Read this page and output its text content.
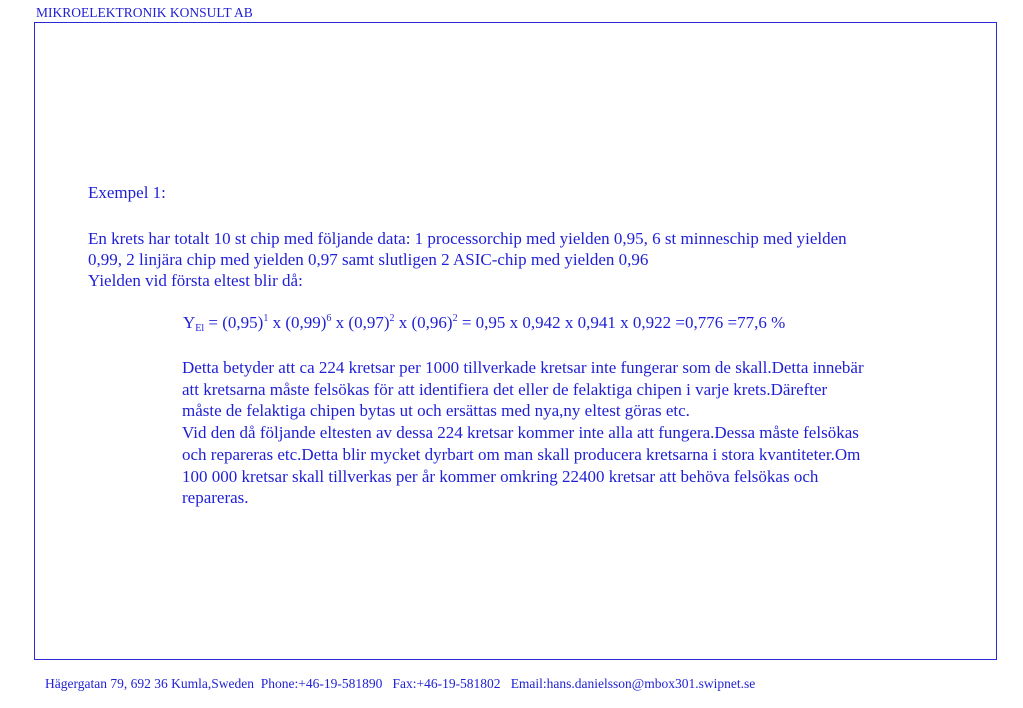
MIKROELEKTRONIK KONSULT AB
Exempel 1:
En krets har totalt 10 st chip med följande data: 1 processorchip med yielden 0,95, 6 st minneschip med yielden
0,99, 2 linjära chip med yielden 0,97 samt slutligen 2 ASIC-chip med yielden 0,96
Yielden vid första eltest blir då:
$Y_{El} = (0,95)^1$ x $(0,99)^6$ x $(0,97)^2$ x $(0,96)^2 = 0,95$ x 0,942 x 0,941 x 0,922 =0,776 =77,6 %
Detta betyder att ca 224 kretsar per 1000 tillverkade kretsar inte fungerar som de skall.Detta innebär
att kretsarna måste felsökas för att identifiera det eller de felaktiga chipen i varje krets.Därefter
måste de felaktiga chipen bytas ut och ersättas med nya,ny eltest göras etc.
Vid den då följande eltesten av dessa 224 kretsar kommer inte alla att fungera.Dessa måste felsökas
och repareras etc.Detta blir mycket dyrbart om man skall producera kretsarna i stora kvantiteter.Om
100 000 kretsar skall tillverkas per år kommer omkring 22400 kretsar att behöva felsökas och
repareras.
Hägergatan 79, 692 36 Kumla,Sweden Phone:+46-19-581890 Fax:+46-19-581802 Email:hans.danielsson@mbox301.swipnet.se
